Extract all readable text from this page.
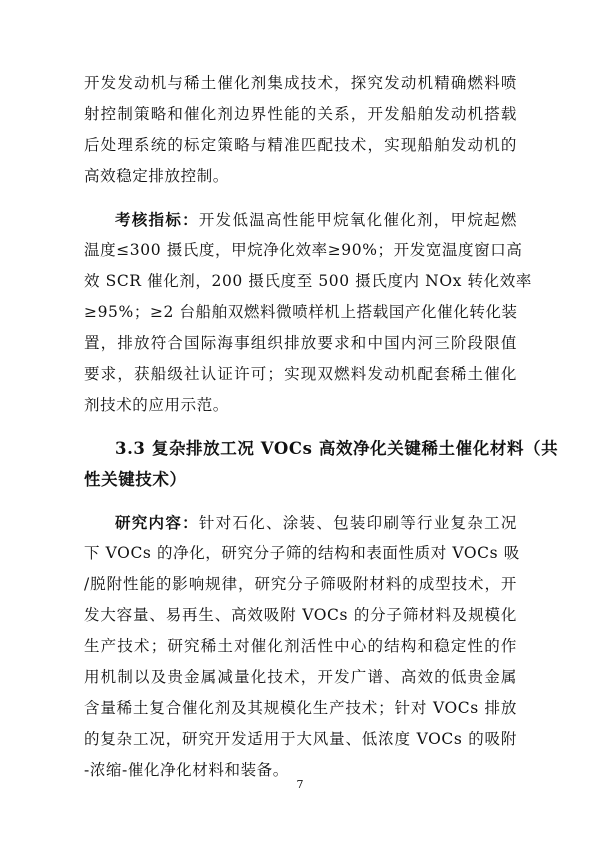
开发发动机与稀土催化剂集成技术，探究发动机精确燃料喷
射控制策略和催化剂边界性能的关系，开发船舶发动机搭载
后处理系统的标定策略与精准匹配技术，实现船舶发动机的
高效稳定排放控制。
考核指标：开发低温高性能甲烷氧化催化剂，甲烷起燃
温度≤300 摄氏度，甲烷净化效率≥90%；开发宽温度窗口高
效 SCR 催化剂，200 摄氏度至 500 摄氏度内 NOx 转化效率
≥95%；≥2 台船舶双燃料微喷样机上搭载国产化催化转化装
置，排放符合国际海事组织排放要求和中国内河三阶段限值
要求，获船级社认证许可；实现双燃料发动机配套稀土催化
剂技术的应用示范。
3.3 复杂排放工况 VOCs 高效净化关键稀土催化材料（共
性关键技术）
研究内容：针对石化、涂装、包装印刷等行业复杂工况
下 VOCs 的净化，研究分子筛的结构和表面性质对 VOCs 吸
/脱附性能的影响规律，研究分子筛吸附材料的成型技术，开
发大容量、易再生、高效吸附 VOCs 的分子筛材料及规模化
生产技术；研究稀土对催化剂活性中心的结构和稳定性的作
用机制以及贵金属减量化技术，开发广谱、高效的低贵金属
含量稀土复合催化剂及其规模化生产技术；针对 VOCs 排放
的复杂工况，研究开发适用于大风量、低浓度 VOCs 的吸附
-浓缩-催化净化材料和装备。
7
